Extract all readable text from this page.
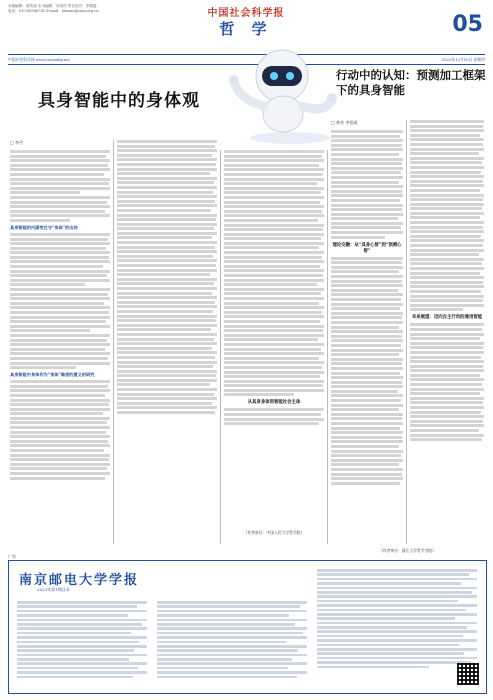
本版编辑：郝雪丽 本书编辑：刘奇洋 责任校对：李瑞霞
电话：010-85886741 E-mail：zhexue@cass.org.cn	中国社会科学报
哲 学	05
中国社会科学网 www.csstoday.net	2022年12月15日 星期四
具身智能中的身体观
行动中的认知：预测加工框架下的具身智能
□ 李丹
具身智能的内涵变迁与“身体”的出场
具身智能中身体作为“身体”维度的意义的研究
从具身身体到智能社会主体
（作者单位：中国人民大学哲学院）
□ 黄炎 李恒威
理论交融：从“具身心智”到“预测心智”
未来展望：迈向自主行动的通用智能
（作者单位：浙江大学哲学学院）
广告
南京邮电大学学报
2023年第1期目录
